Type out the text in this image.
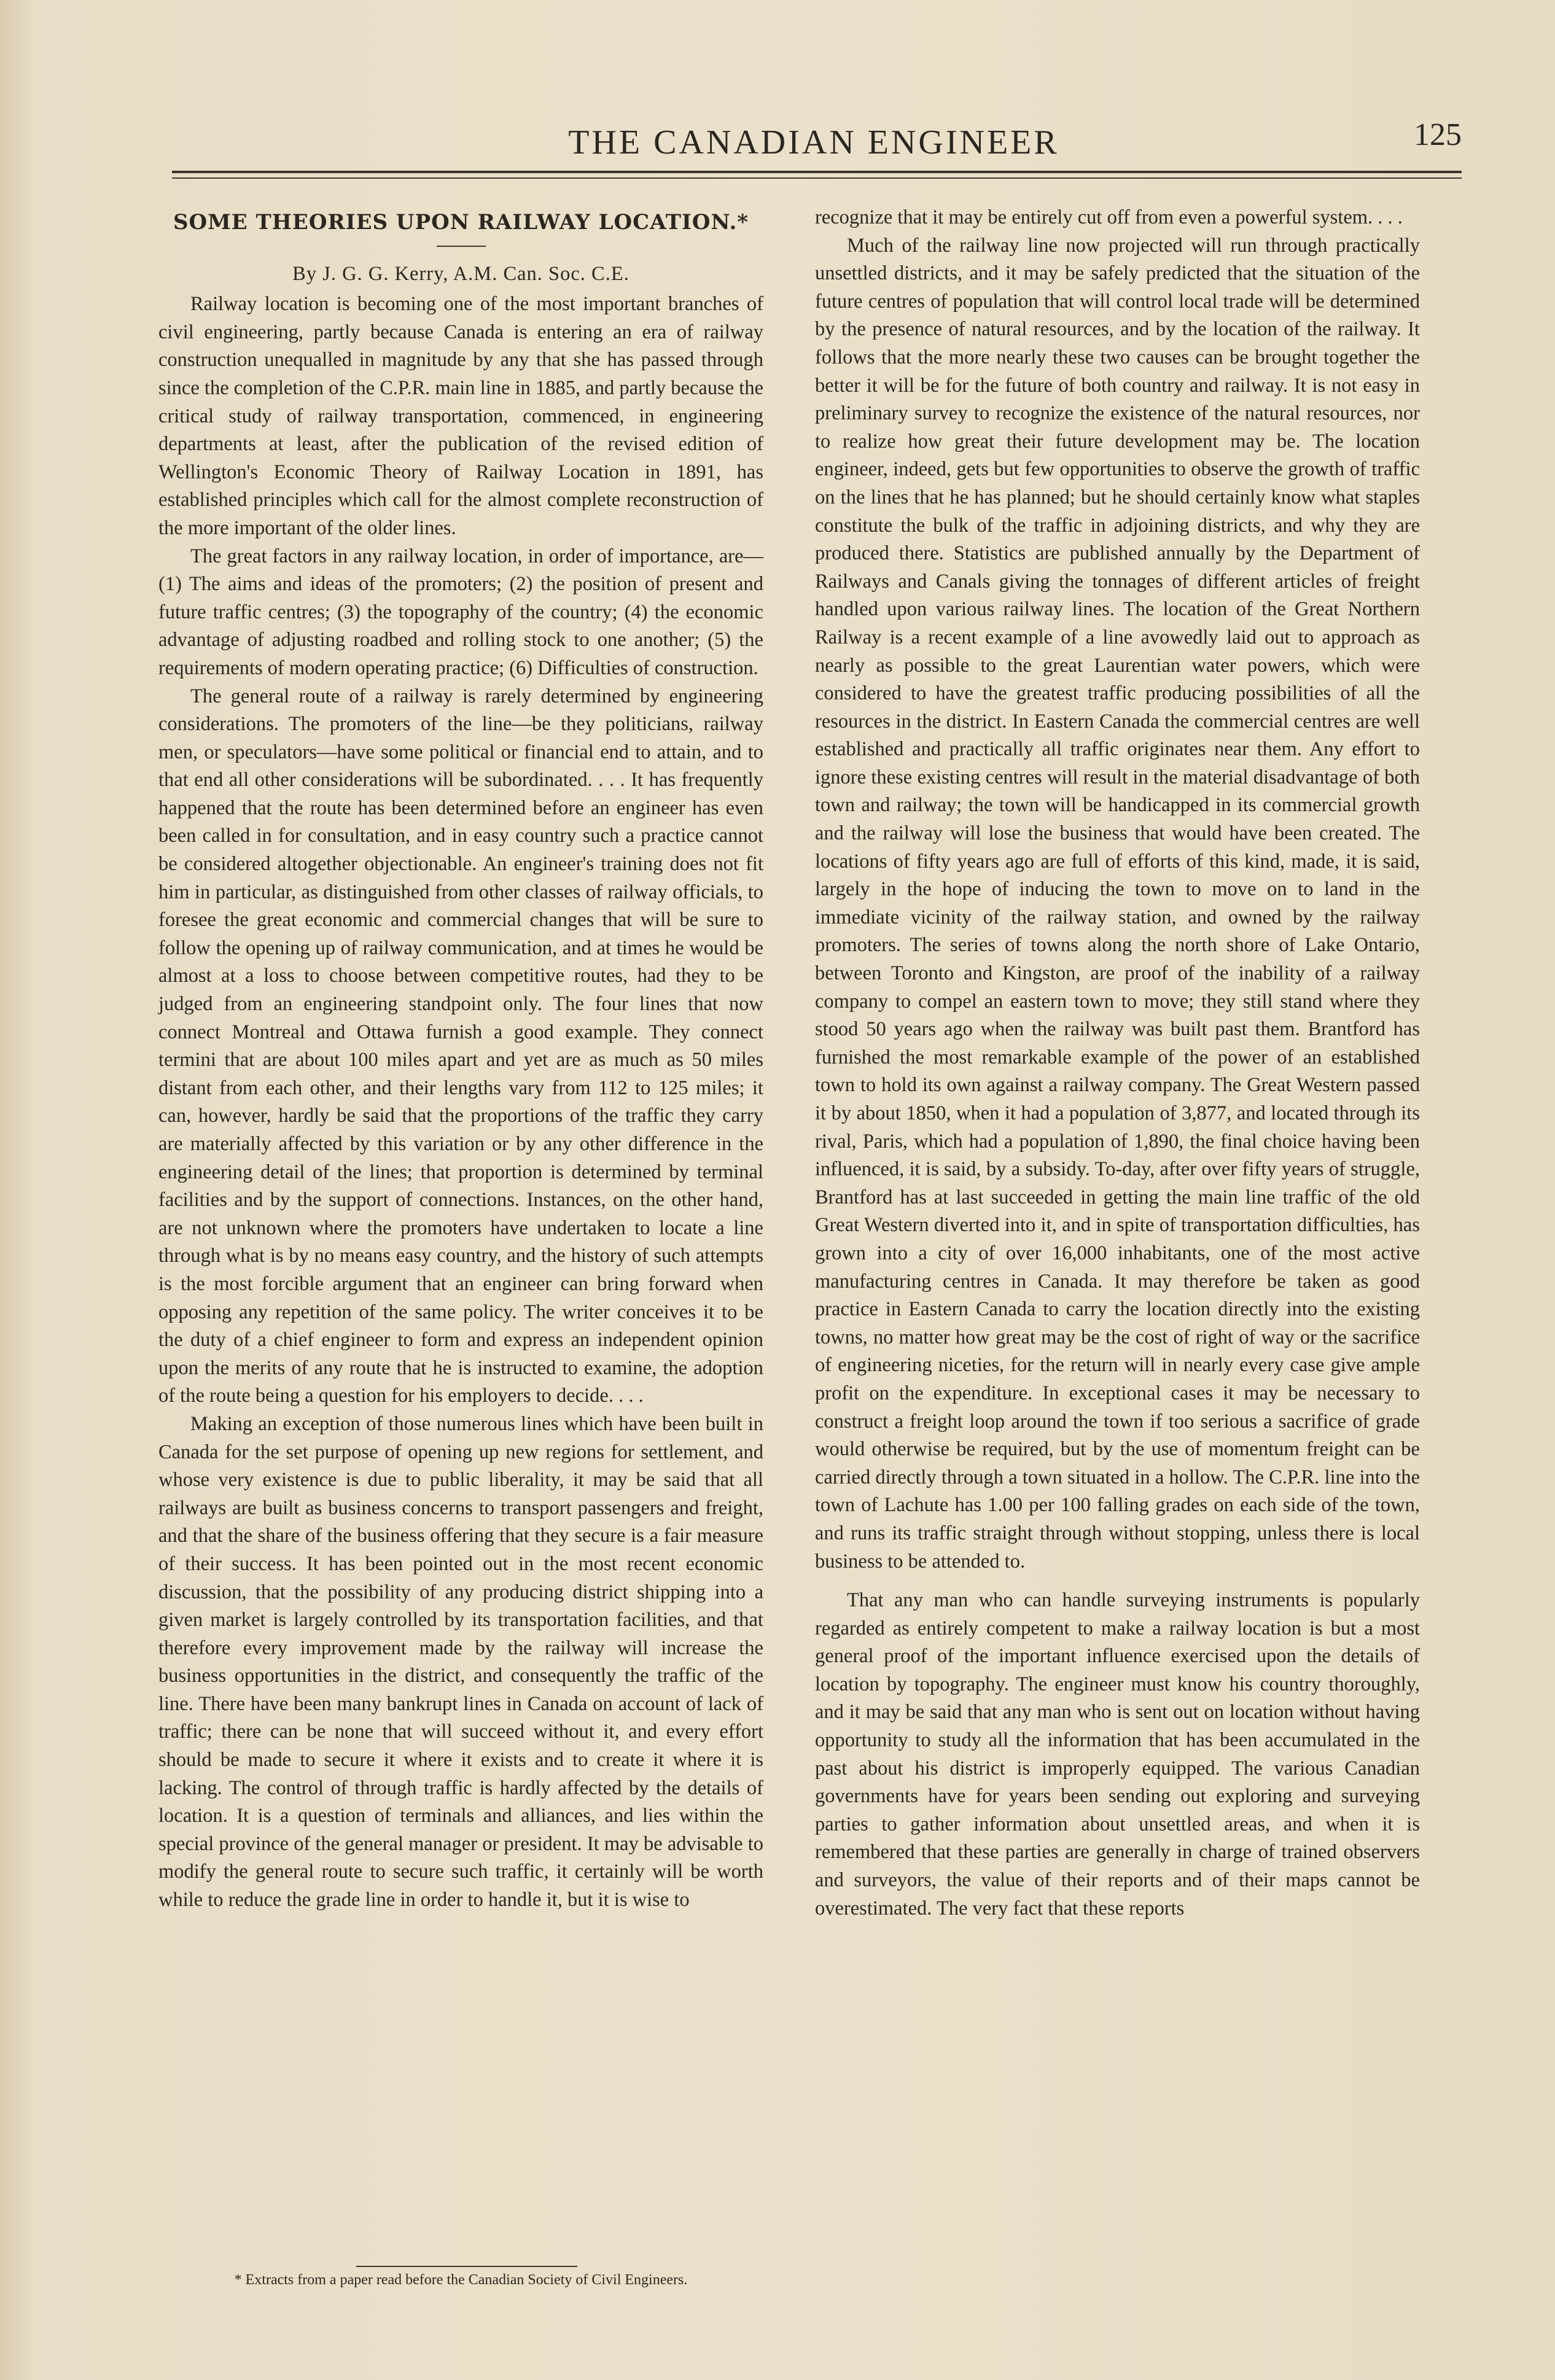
THE CANADIAN ENGINEER	125
SOME THEORIES UPON RAILWAY LOCATION.*
By J. G. G. Kerry, A.M. Can. Soc. C.E.

Railway location is becoming one of the most important branches of civil engineering, partly because Canada is entering an era of railway construction unequalled in magnitude by any that she has passed through since the completion of the C.P.R. main line in 1885, and partly because the critical study of railway transportation, commenced, in engineering departments at least, after the publication of the revised edition of Wellington's Economic Theory of Railway Location in 1891, has established principles which call for the almost complete reconstruction of the more important of the older lines.

The great factors in any railway location, in order of importance, are— (1) The aims and ideas of the promoters; (2) the position of present and future traffic centres; (3) the topography of the country; (4) the economic advantage of adjusting roadbed and rolling stock to one another; (5) the requirements of modern operating practice; (6) Difficulties of construction.

The general route of a railway is rarely determined by engineering considerations. The promoters of the line—be they politicians, railway men, or speculators—have some political or financial end to attain, and to that end all other considerations will be subordinated. . . . It has frequently happened that the route has been determined before an engineer has even been called in for consultation, and in easy country such a practice cannot be considered altogether objectionable. An engineer's training does not fit him in particular, as distinguished from other classes of railway officials, to foresee the great economic and commercial changes that will be sure to follow the opening up of railway communication, and at times he would be almost at a loss to choose between competitive routes, had they to be judged from an engineering standpoint only. The four lines that now connect Montreal and Ottawa furnish a good example. They connect termini that are about 100 miles apart and yet are as much as 50 miles distant from each other, and their lengths vary from 112 to 125 miles; it can, however, hardly be said that the proportions of the traffic they carry are materially affected by this variation or by any other difference in the engineering detail of the lines; that proportion is determined by terminal facilities and by the support of connections. Instances, on the other hand, are not unknown where the promoters have undertaken to locate a line through what is by no means easy country, and the history of such attempts is the most forcible argument that an engineer can bring forward when opposing any repetition of the same policy. The writer conceives it to be the duty of a chief engineer to form and express an independent opinion upon the merits of any route that he is instructed to examine, the adoption of the route being a question for his employers to decide. . . .

Making an exception of those numerous lines which have been built in Canada for the set purpose of opening up new regions for settlement, and whose very existence is due to public liberality, it may be said that all railways are built as business concerns to transport passengers and freight, and that the share of the business offering that they secure is a fair measure of their success. It has been pointed out in the most recent economic discussion, that the possibility of any producing district shipping into a given market is largely controlled by its transportation facilities, and that therefore every improvement made by the railway will increase the business opportunities in the district, and consequently the traffic of the line. There have been many bankrupt lines in Canada on account of lack of traffic; there can be none that will succeed without it, and every effort should be made to secure it where it exists and to create it where it is lacking. The control of through traffic is hardly affected by the details of location. It is a question of terminals and alliances, and lies within the special province of the general manager or president. It may be advisable to modify the general route to secure such traffic, it certainly will be worth while to reduce the grade line in order to handle it, but it is wise to

* Extracts from a paper read before the Canadian Society of Civil Engineers.

recognize that it may be entirely cut off from even a powerful system. . . .

Much of the railway line now projected will run through practically unsettled districts, and it may be safely predicted that the situation of the future centres of population that will control local trade will be determined by the presence of natural resources, and by the location of the railway. It follows that the more nearly these two causes can be brought together the better it will be for the future of both country and railway. It is not easy in preliminary survey to recognize the existence of the natural resources, nor to realize how great their future development may be. The location engineer, indeed, gets but few opportunities to observe the growth of traffic on the lines that he has planned; but he should certainly know what staples constitute the bulk of the traffic in adjoining districts, and why they are produced there. Statistics are published annually by the Department of Railways and Canals giving the tonnages of different articles of freight handled upon various railway lines. The location of the Great Northern Railway is a recent example of a line avowedly laid out to approach as nearly as possible to the great Laurentian water powers, which were considered to have the greatest traffic producing possibilities of all the resources in the district. In Eastern Canada the commercial centres are well established and practically all traffic originates near them. Any effort to ignore these existing centres will result in the material disadvantage of both town and railway; the town will be handicapped in its commercial growth and the railway will lose the business that would have been created. The locations of fifty years ago are full of efforts of this kind, made, it is said, largely in the hope of inducing the town to move on to land in the immediate vicinity of the railway station, and owned by the railway promoters. The series of towns along the north shore of Lake Ontario, between Toronto and Kingston, are proof of the inability of a railway company to compel an eastern town to move; they still stand where they stood 50 years ago when the railway was built past them. Brantford has furnished the most remarkable example of the power of an established town to hold its own against a railway company. The Great Western passed it by about 1850, when it had a population of 3,877, and located through its rival, Paris, which had a population of 1,890, the final choice having been influenced, it is said, by a subsidy. To-day, after over fifty years of struggle, Brantford has at last succeeded in getting the main line traffic of the old Great Western diverted into it, and in spite of transportation difficulties, has grown into a city of over 16,000 inhabitants, one of the most active manufacturing centres in Canada. It may therefore be taken as good practice in Eastern Canada to carry the location directly into the existing towns, no matter how great may be the cost of right of way or the sacrifice of engineering niceties, for the return will in nearly every case give ample profit on the expenditure. In exceptional cases it may be necessary to construct a freight loop around the town if too serious a sacrifice of grade would otherwise be required, but by the use of momentum freight can be carried directly through a town situated in a hollow. The C.P.R. line into the town of Lachute has 1.00 per 100 falling grades on each side of the town, and runs its traffic straight through without stopping, unless there is local business to be attended to.

That any man who can handle surveying instruments is popularly regarded as entirely competent to make a railway location is but a most general proof of the important influence exercised upon the details of location by topography. The engineer must know his country thoroughly, and it may be said that any man who is sent out on location without having opportunity to study all the information that has been accumulated in the past about his district is improperly equipped. The various Canadian governments have for years been sending out exploring and surveying parties to gather information about unsettled areas, and when it is remembered that these parties are generally in charge of trained observers and surveyors, the value of their reports and of their maps cannot be overestimated. The very fact that these reports
